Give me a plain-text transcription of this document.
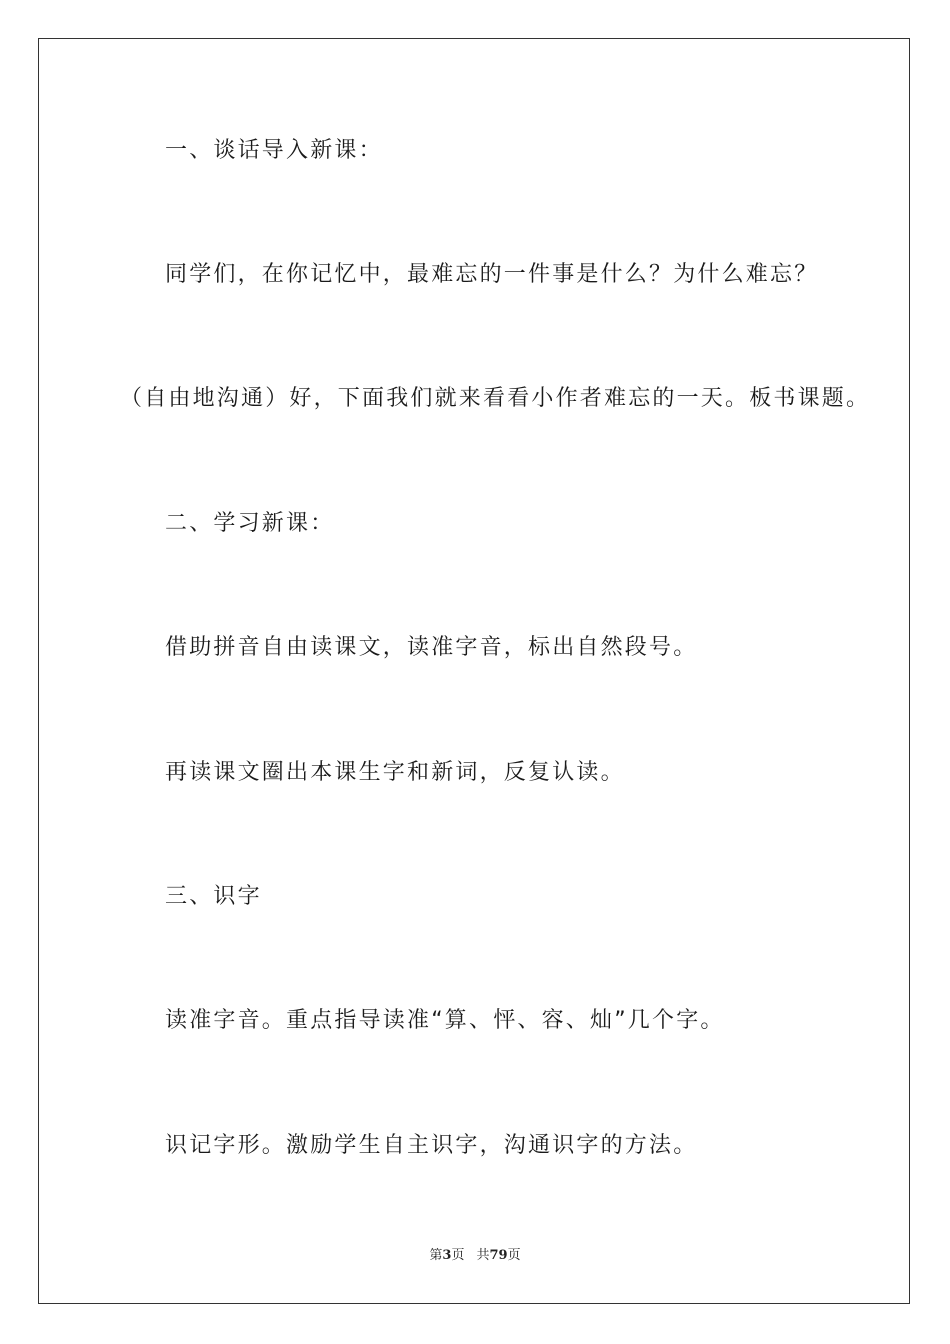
一、谈话导入新课：

同学们，在你记忆中，最难忘的一件事是什么？为什么难忘？

（自由地沟通）好，下面我们就来看看小作者难忘的一天。板书课题。

二、学习新课：

借助拼音自由读课文，读准字音，标出自然段号。

再读课文圈出本课生字和新词，反复认读。

三、识字

读准字音。重点指导读准“算、怦、容、灿”几个字。

识记字形。激励学生自主识字，沟通识字的方法。

第3页 共79页
